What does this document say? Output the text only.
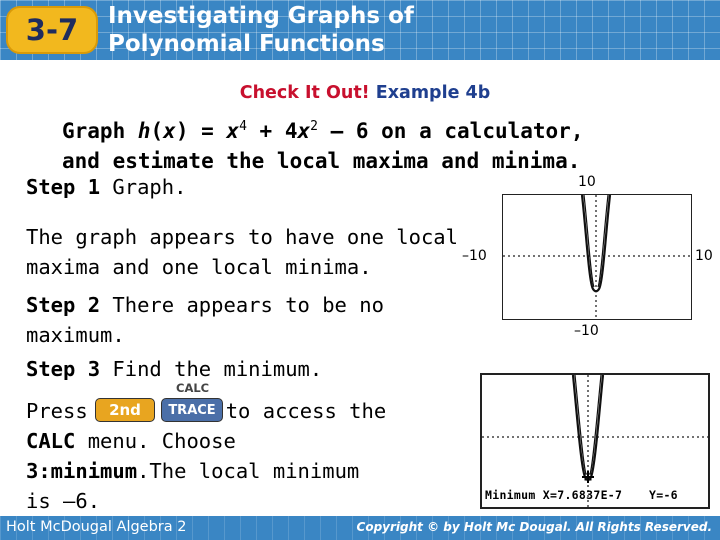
3-7	Investigating Graphs of
Polynomial Functions
Check It Out! Example 4b
Graph $h(x) = x^4 + 4x^2 - 6$ on a calculator,
and estimate the local maxima and minima.
Step 1 Graph.
The graph appears to have one local maxima and one local minima.
Step 2 There appears to be no maximum.
Step 3 Find the minimum.
Press	to access the
CALC menu. Choose
3:minimum.The local minimum
is –6.
CALC
2nd	TRACE
10
–10	10
–10
Minimum X=7.6837E-7 Y=-6
Holt McDougal Algebra 2	Copyright © by Holt Mc Dougal. All Rights Reserved.
